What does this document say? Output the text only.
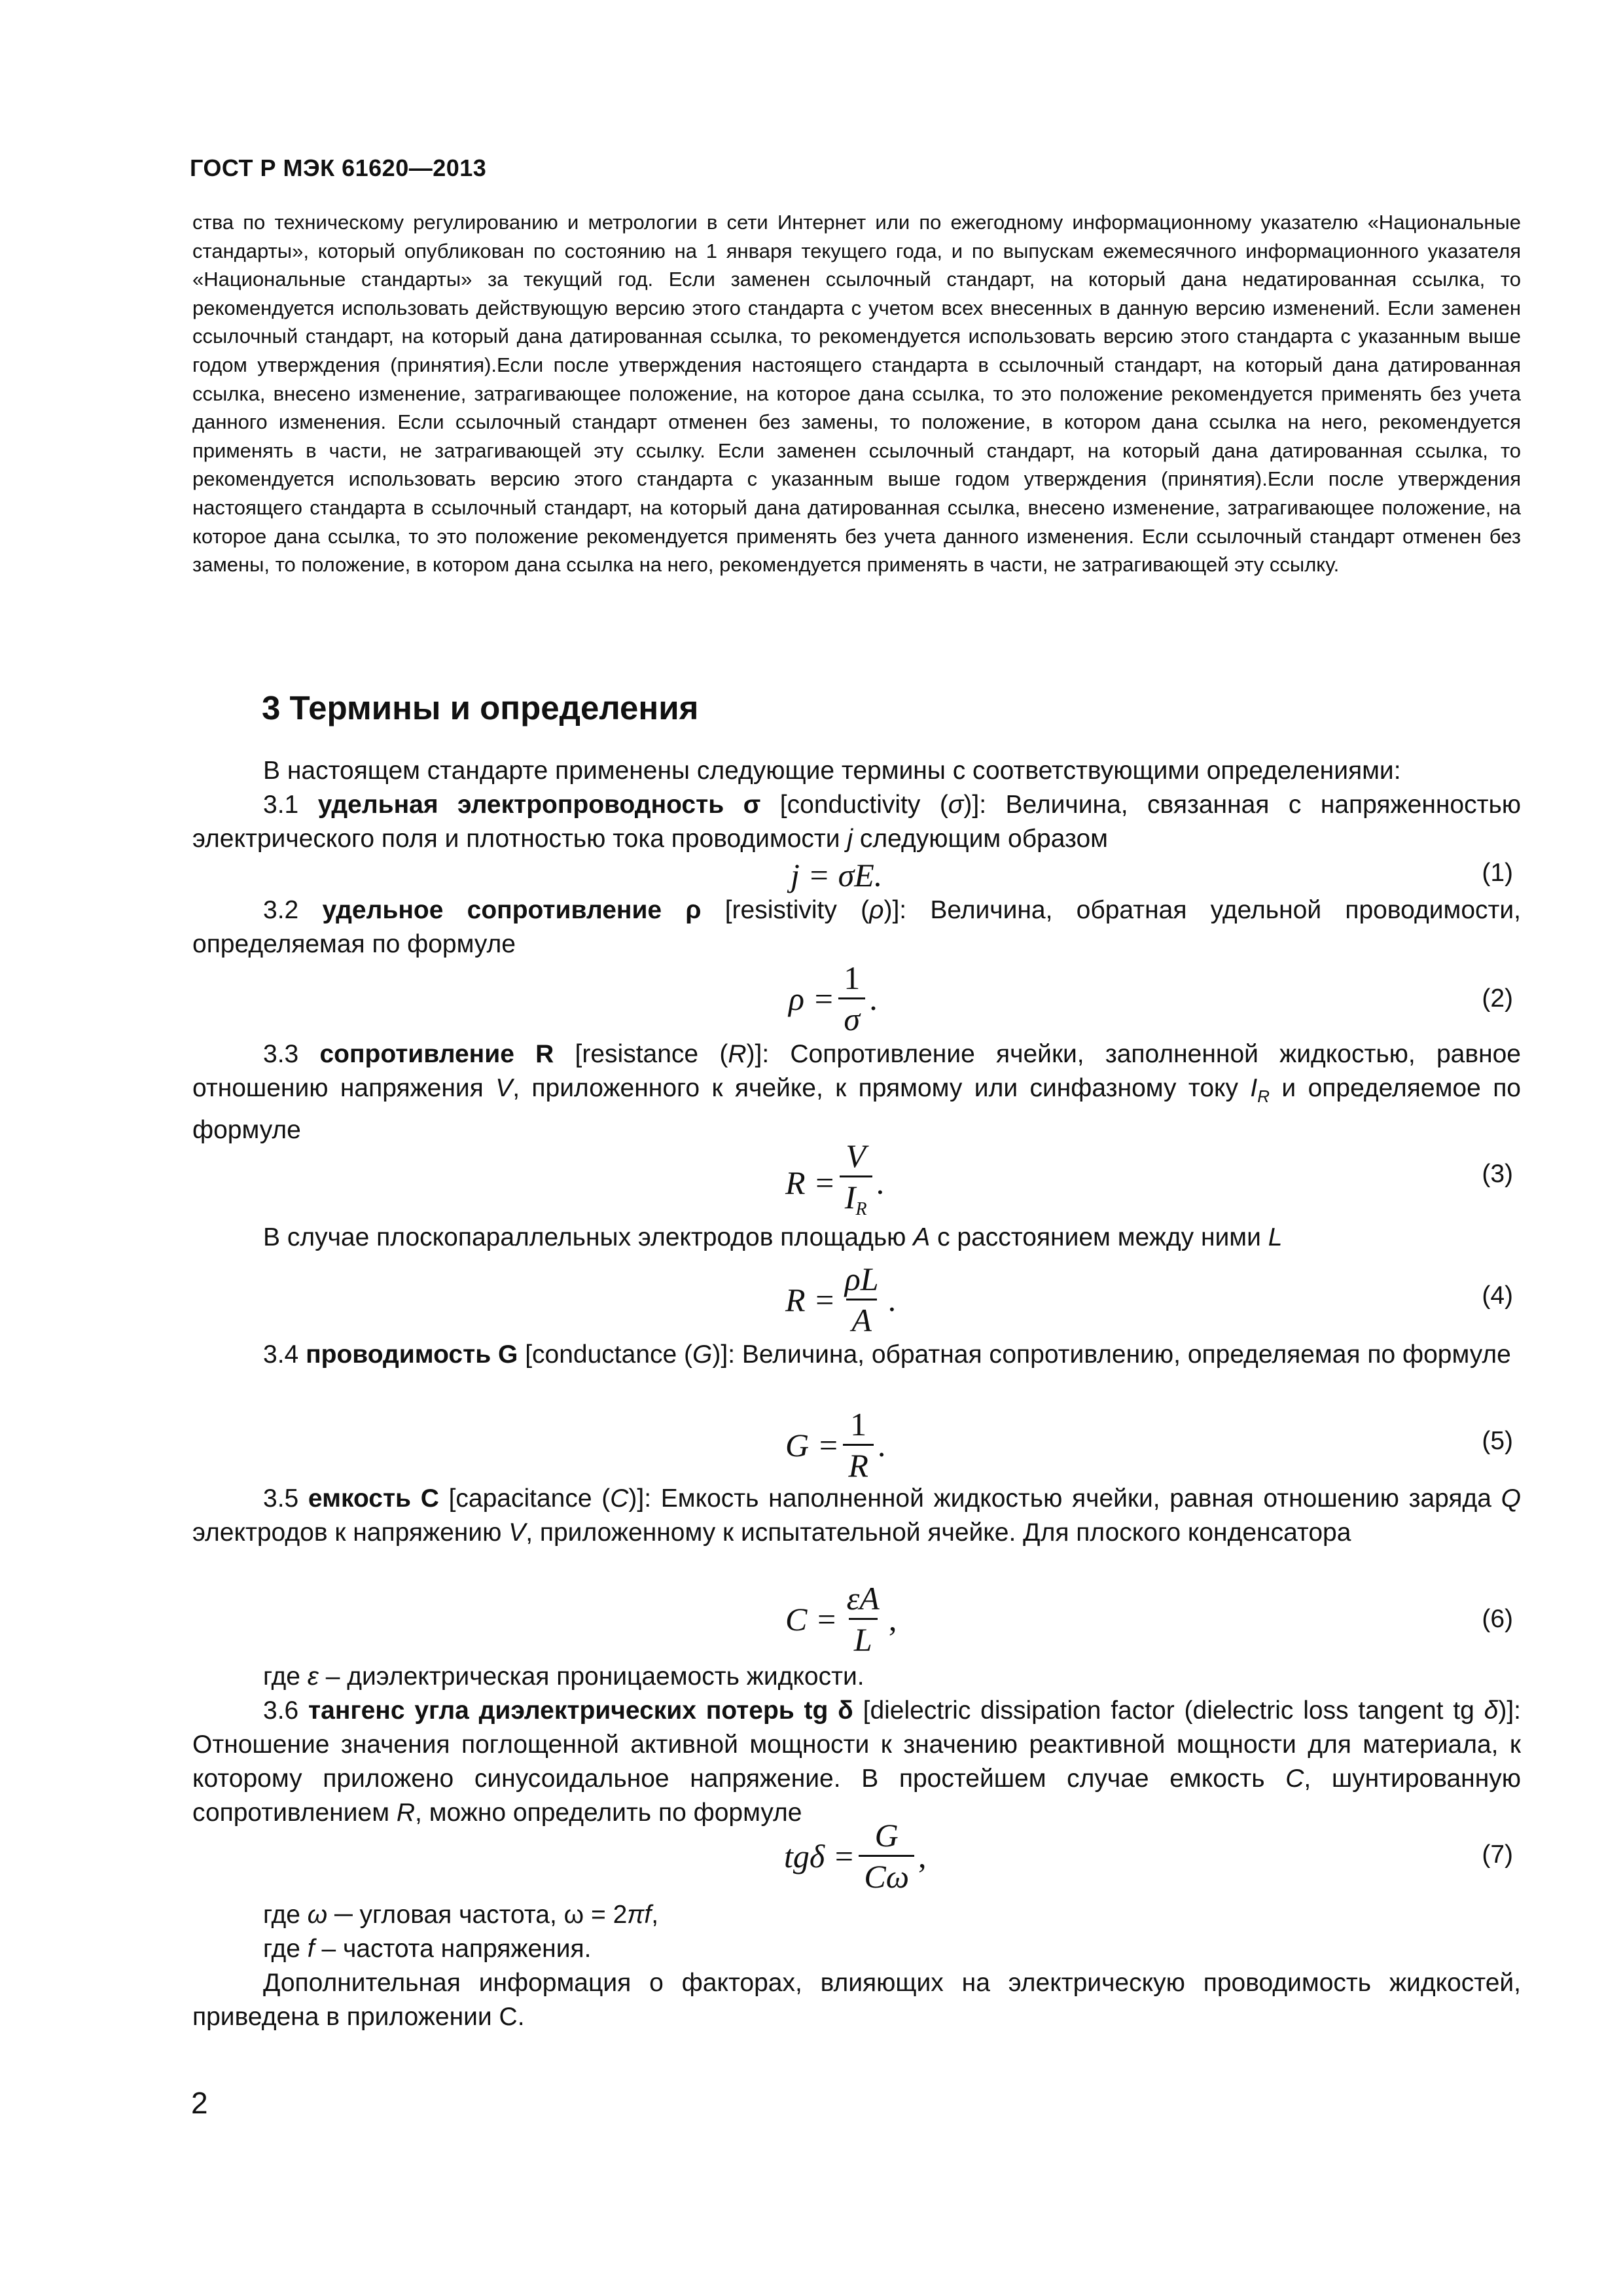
ГОСТ Р МЭК 61620—2013
ства по техническому регулированию и метрологии в сети Интернет или по ежегодному информационному указателю «Национальные стандарты», который опубликован по состоянию на 1 января текущего года, и по выпускам ежемесячного информационного указателя «Национальные стандарты» за текущий год. Если заменен ссылочный стандарт, на который дана недатированная ссылка, то рекомендуется использовать действующую версию этого стандарта с учетом всех внесенных в данную версию изменений. Если заменен ссылочный стандарт, на который дана датированная ссылка, то рекомендуется использовать версию этого стандарта с указанным выше годом утверждения (принятия).Если после утверждения настоящего стандарта в ссылочный стандарт, на который дана датированная ссылка, внесено изменение, затрагивающее положение, на которое дана ссылка, то это положение рекомендуется применять без учета данного изменения. Если ссылочный стандарт отменен без замены, то положение, в котором дана ссылка на него, рекомендуется применять в части, не затрагивающей эту ссылку. Если заменен ссылочный стандарт, на который дана датированная ссылка, то рекомендуется использовать версию этого стандарта с указанным выше годом утверждения (принятия).Если после утверждения настоящего стандарта в ссылочный стандарт, на который дана датированная ссылка, внесено изменение, затрагивающее положение, на которое дана ссылка, то это положение рекомендуется применять без учета данного изменения. Если ссылочный стандарт отменен без замены, то положение, в котором дана ссылка на него, рекомендуется применять в части, не затрагивающей эту ссылку.
3 Термины и определения
В настоящем стандарте применены следующие термины с соответствующими определениями:
3.1 удельная электропроводность σ [conductivity (σ)]: Величина, связанная с напряженностью электрического поля и плотностью тока проводимости j следующим образом
j = σE.	(1)
3.2 удельное сопротивление ρ [resistivity (ρ)]: Величина, обратная удельной проводимости, определяемая по формуле
$\rho = \frac{1}{\sigma}$ .	(2)
3.3 сопротивление R [resistance (R)]: Сопротивление ячейки, заполненной жидкостью, равное отношению напряжения V, приложенного к ячейке, к прямому или синфазному току $I_R$ и определяемое по формуле
$R = \frac{V}{I_R}$ .	(3)
В случае плоскопараллельных электродов площадью A с расстоянием между ними L
$R = \frac{\rho L}{A}$ .	(4)
3.4 проводимость G [conductance (G)]: Величина, обратная сопротивлению, определяемая по формуле
$G = \frac{1}{R}$ .	(5)
3.5 емкость C [capacitance (C)]: Емкость наполненной жидкостью ячейки, равная отношению заряда Q электродов к напряжению V, приложенному к испытательной ячейке. Для плоского конденсатора
$C = \frac{\varepsilon A}{L}$ ,	(6)
где ε – диэлектрическая проницаемость жидкости.
3.6 тангенс угла диэлектрических потерь tg δ [dielectric dissipation factor (dielectric loss tangent tg δ)]: Отношение значения поглощенной активной мощности к значению реактивной мощности для материала, к которому приложено синусоидальное напряжение. В простейшем случае емкость C, шунтированную сопротивлением R, можно определить по формуле
$tg\delta = \frac{G}{C\omega}$ ,	(7)
где ω ─ угловая частота, ω = 2πf,
где f – частота напряжения.
Дополнительная информация о факторах, влияющих на электрическую проводимость жидкостей, приведена в приложении С.
2
